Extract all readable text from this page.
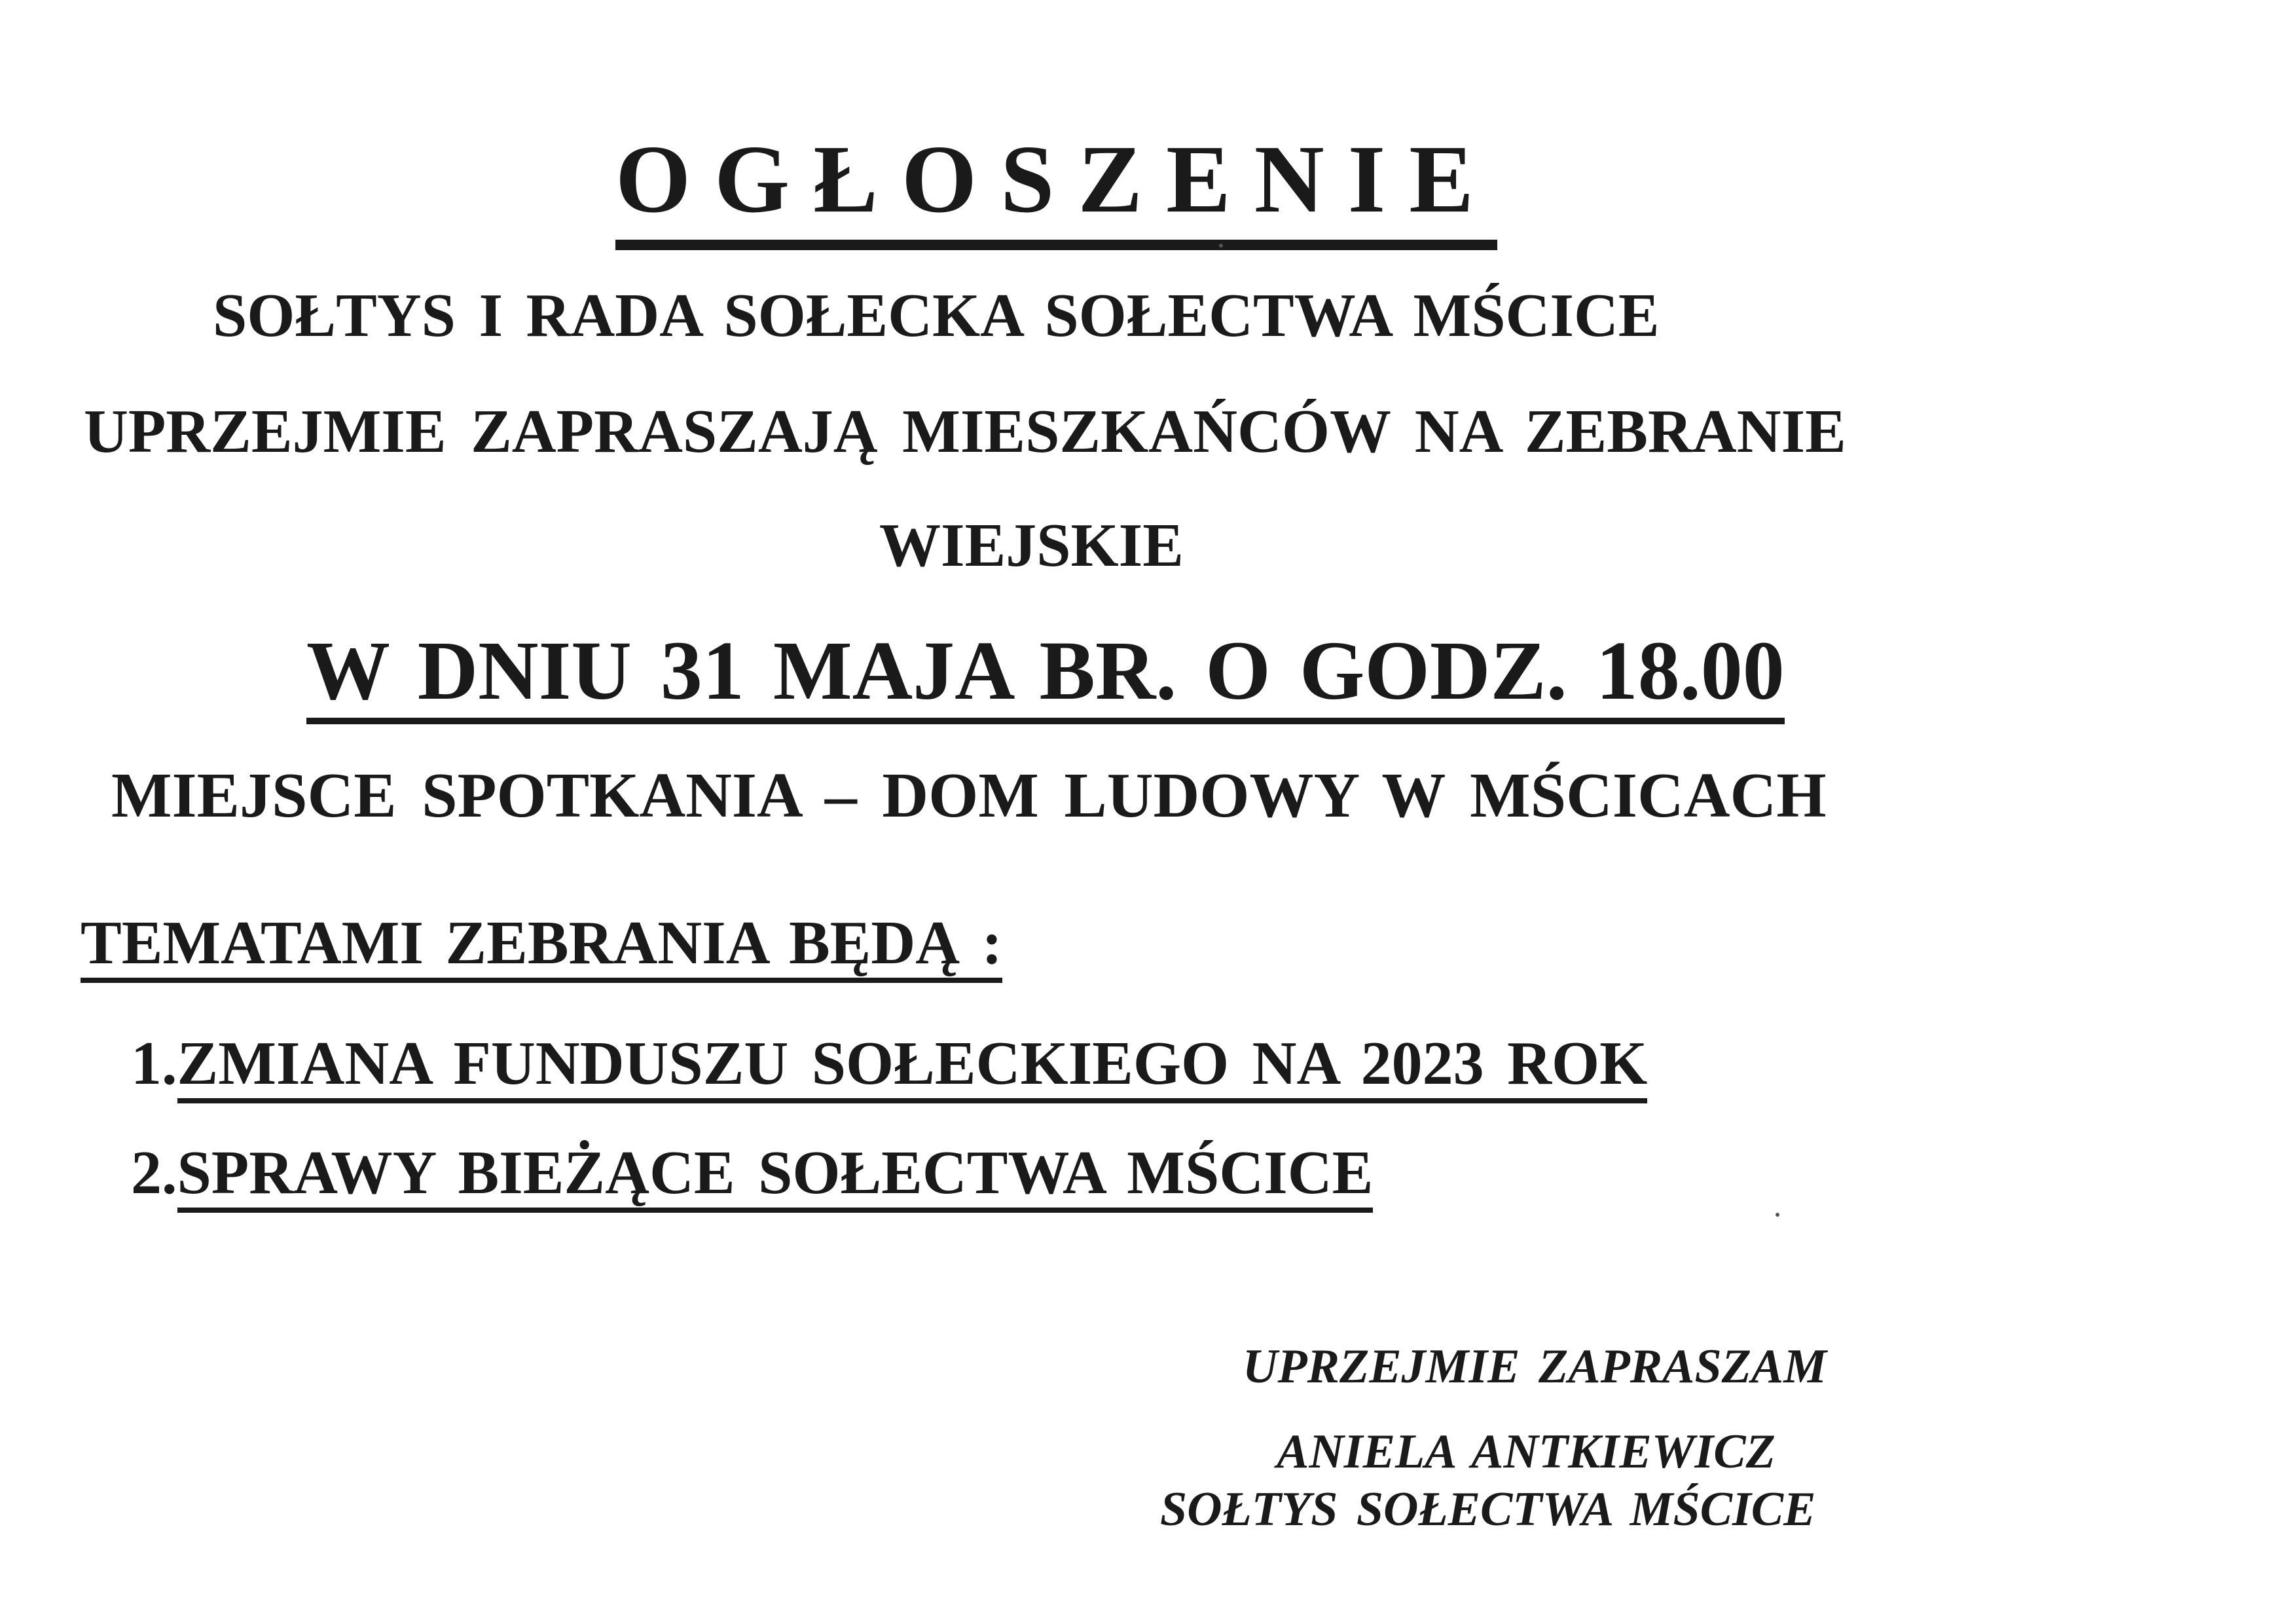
OGŁOSZENIE
SOŁTYS I RADA SOŁECKA SOŁECTWA MŚCICE
UPRZEJMIE ZAPRASZAJĄ MIESZKAŃCÓW NA ZEBRANIE
WIEJSKIE
W DNIU 31 MAJA BR. O GODZ. 18.00
MIEJSCE SPOTKANIA – DOM LUDOWY W MŚCICACH
TEMATAMI ZEBRANIA BĘDĄ :
1.ZMIANA FUNDUSZU SOŁECKIEGO NA 2023 ROK
2.SPRAWY BIEŻĄCE SOŁECTWA MŚCICE
UPRZEJMIE ZAPRASZAM
ANIELA ANTKIEWICZ
SOŁTYS SOŁECTWA MŚCICE
